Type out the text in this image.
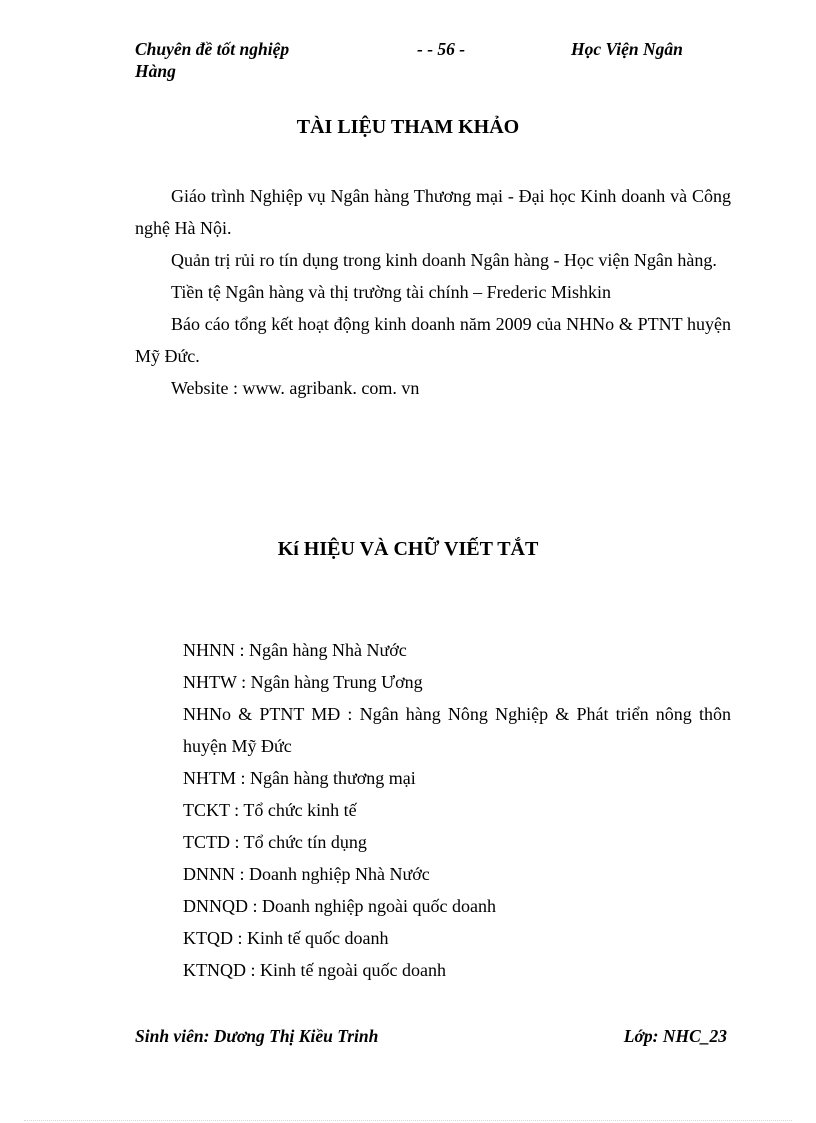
Chuyên đề tốt nghiệp	- - 56 -	Học Viện Ngân
Hàng
TÀI LIỆU THAM KHẢO

Giáo trình Nghiệp vụ Ngân hàng Thương mại - Đại học Kinh doanh và Công nghệ Hà Nội.

Quản trị rủi ro tín dụng trong kinh doanh Ngân hàng - Học viện Ngân hàng.

Tiền tệ Ngân hàng và thị trường tài chính – Frederic Mishkin

Báo cáo tổng kết hoạt động kinh doanh năm 2009 của NHNo & PTNT huyện Mỹ Đức.

Website : www. agribank. com. vn

Kí HIỆU VÀ CHỮ VIẾT TẮT

NHNN : Ngân hàng Nhà Nước

NHTW : Ngân hàng Trung Ương

NHNo & PTNT MĐ : Ngân hàng Nông Nghiệp & Phát triển nông thôn huyện Mỹ Đức

NHTM : Ngân hàng thương mại

TCKT : Tổ chức kinh tế

TCTD : Tổ chức tín dụng

DNNN : Doanh nghiệp Nhà Nước

DNNQD : Doanh nghiệp ngoài quốc doanh

KTQD : Kinh tế quốc doanh

KTNQD : Kinh tế ngoài quốc doanh

Sinh viên: Dương Thị Kiều Trinh	Lớp: NHC_23
